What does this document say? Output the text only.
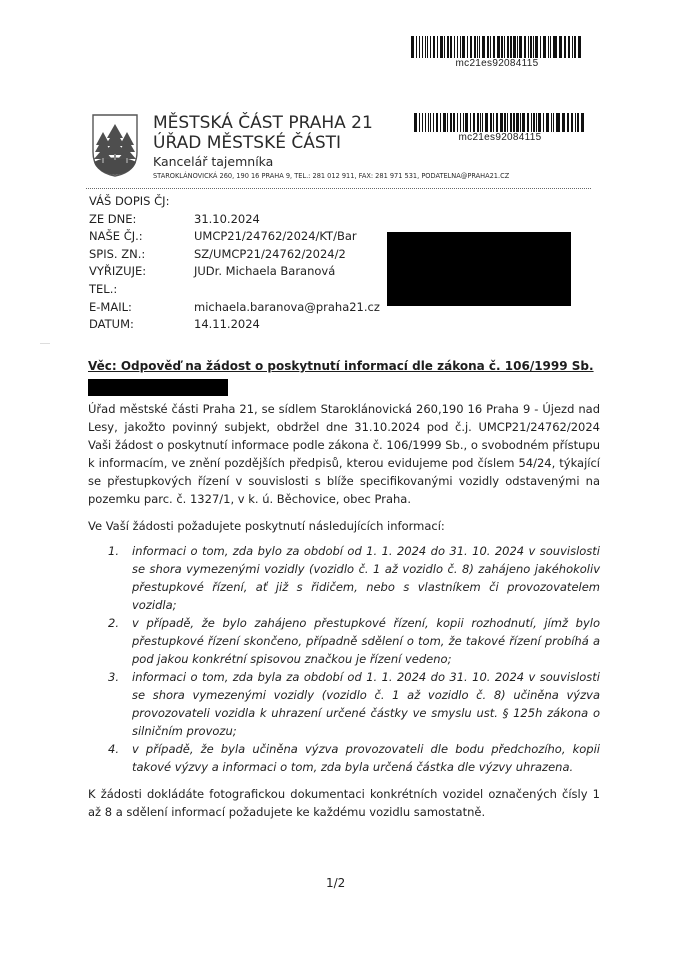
mc21es92084115
MĚSTSKÁ ČÁST PRAHA 21
ÚŘAD MĚSTSKÉ ČÁSTI
Kancelář tajemníka
STAROKLÁNOVICKÁ 260, 190 16 PRAHA 9, TEL.: 281 012 911, FAX: 281 971 531, PODATELNA@PRAHA21.CZ
mc21es92084115
VÁŠ DOPIS ČJ:
ZE DNE:	31.10.2024
NAŠE ČJ.:	UMCP21/24762/2024/KT/Bar
SPIS. ZN.:	SZ/UMCP21/24762/2024/2
VYŘIZUJE:	JUDr. Michaela Baranová
TEL.:
E-MAIL:	michaela.baranova@praha21.cz
DATUM:	14.11.2024
Věc: Odpověď na žádost o poskytnutí informací dle zákona č. 106/1999 Sb.

Úřad městské části Praha 21, se sídlem Staroklánovická 260,190 16 Praha 9 - Újezd nad Lesy, jakožto povinný subjekt, obdržel dne 31.10.2024 pod č.j. UMCP21/24762/2024 Vaši žádost o poskytnutí informace podle zákona č. 106/1999 Sb., o svobodném přístupu k informacím, ve znění pozdějších předpisů, kterou evidujeme pod číslem 54/24, týkající se přestupkových řízení v souvislosti s blíže specifikovanými vozidly odstavenými na pozemku parc. č. 1327/1, v k. ú. Běchovice, obec Praha.

Ve Vaší žádosti požadujete poskytnutí následujících informací:

1.	informaci o tom, zda bylo za období od 1. 1. 2024 do 31. 10. 2024 v souvislosti se shora vymezenými vozidly (vozidlo č. 1 až vozidlo č. 8) zahájeno jakéhokoliv přestupkové řízení, ať již s řidičem, nebo s vlastníkem či provozovatelem vozidla;
2.	v případě, že bylo zahájeno přestupkové řízení, kopii rozhodnutí, jímž bylo přestupkové řízení skončeno, případně sdělení o tom, že takové řízení probíhá a pod jakou konkrétní spisovou značkou je řízení vedeno;
3.	informaci o tom, zda byla za období od 1. 1. 2024 do 31. 10. 2024 v souvislosti se shora vymezenými vozidly (vozidlo č. 1 až vozidlo č. 8) učiněna výzva provozovateli vozidla k uhrazení určené částky ve smyslu ust. § 125h zákona o silničním provozu;
4.	v případě, že byla učiněna výzva provozovateli dle bodu předchozího, kopii takové výzvy a informaci o tom, zda byla určená částka dle výzvy uhrazena.

K žádosti dokládáte fotografickou dokumentaci konkrétních vozidel označených čísly 1 až 8 a sdělení informací požadujete ke každému vozidlu samostatně.

1/2
